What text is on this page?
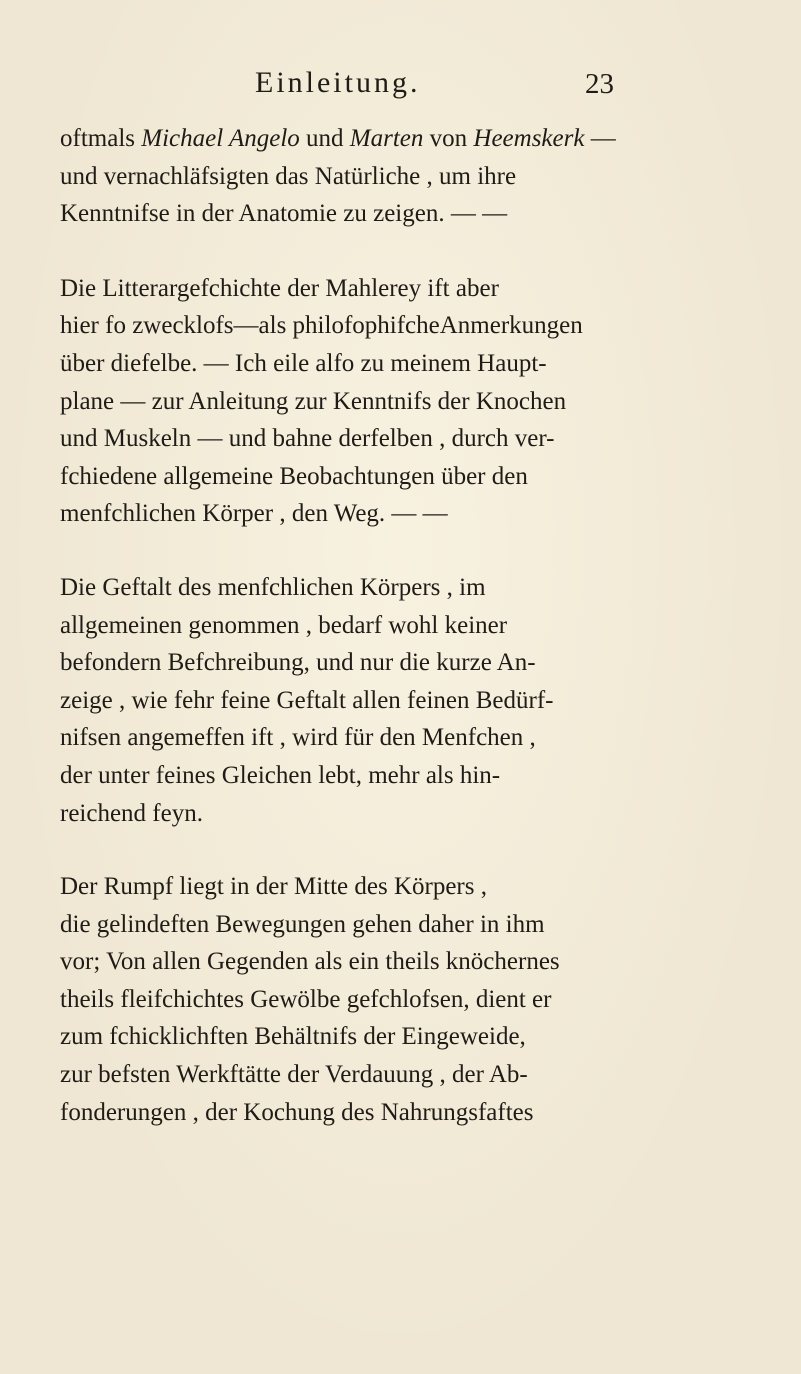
Einleitung.	23
oftmals Michael Angelo und Marten von Heemskerk —
und vernachläfsigten das Natürliche , um ihre
Kenntnifse in der Anatomie zu zeigen. — —
Die Litterargefchichte der Mahlerey ift aber
hier fo zwecklofs—als philofophifcheAnmerkungen
über diefelbe. — Ich eile alfo zu meinem Haupt-
plane — zur Anleitung zur Kenntnifs der Knochen
und Muskeln — und bahne derfelben , durch ver-
fchiedene allgemeine Beobachtungen über den
menfchlichen Körper , den Weg. — —
Die Geftalt des menfchlichen Körpers , im
allgemeinen genommen , bedarf wohl keiner
befondern Befchreibung, und nur die kurze An-
zeige , wie fehr feine Geftalt allen feinen Bedürf-
nifsen angemeffen ift , wird für den Menfchen ,
der unter feines Gleichen lebt, mehr als hin-
reichend feyn.
Der Rumpf liegt in der Mitte des Körpers ,
die gelindeften Bewegungen gehen daher in ihm
vor; Von allen Gegenden als ein theils knöchernes
theils fleifchichtes Gewölbe gefchlofsen, dient er
zum fchicklichften Behältnifs der Eingeweide,
zur befsten Werkftätte der Verdauung , der Ab-
fonderungen , der Kochung des Nahrungsfaftes
